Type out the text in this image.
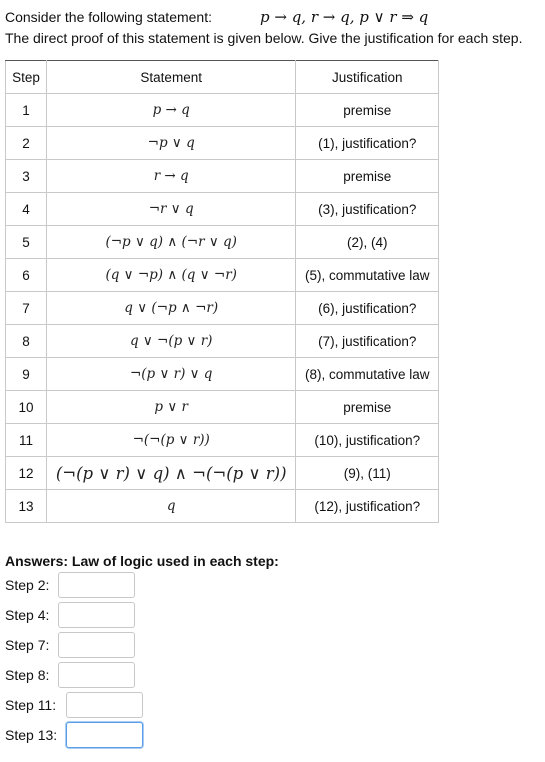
Consider the following statement:	p → q, r → q, p ∨ r ⇒ q
The direct proof of this statement is given below. Give the justification for each step.
Step	Statement	Justification
1	p → q	premise
2	¬p ∨ q	(1), justification?
3	r → q	premise
4	¬r ∨ q	(3), justification?
5	(¬p ∨ q) ∧ (¬r ∨ q)	(2), (4)
6	(q ∨ ¬p) ∧ (q ∨ ¬r)	(5), commutative law
7	q ∨ (¬p ∧ ¬r)	(6), justification?
8	q ∨ ¬(p ∨ r)	(7), justification?
9	¬(p ∨ r) ∨ q	(8), commutative law
10	p ∨ r	premise
11	¬(¬(p ∨ r))	(10), justification?
12	(¬(p ∨ r) ∨ q) ∧ ¬(¬(p ∨ r))	(9), (11)
13	q	(12), justification?
Answers: Law of logic used in each step:
Step 2:
Step 4:
Step 7:
Step 8:
Step 11:
Step 13:
